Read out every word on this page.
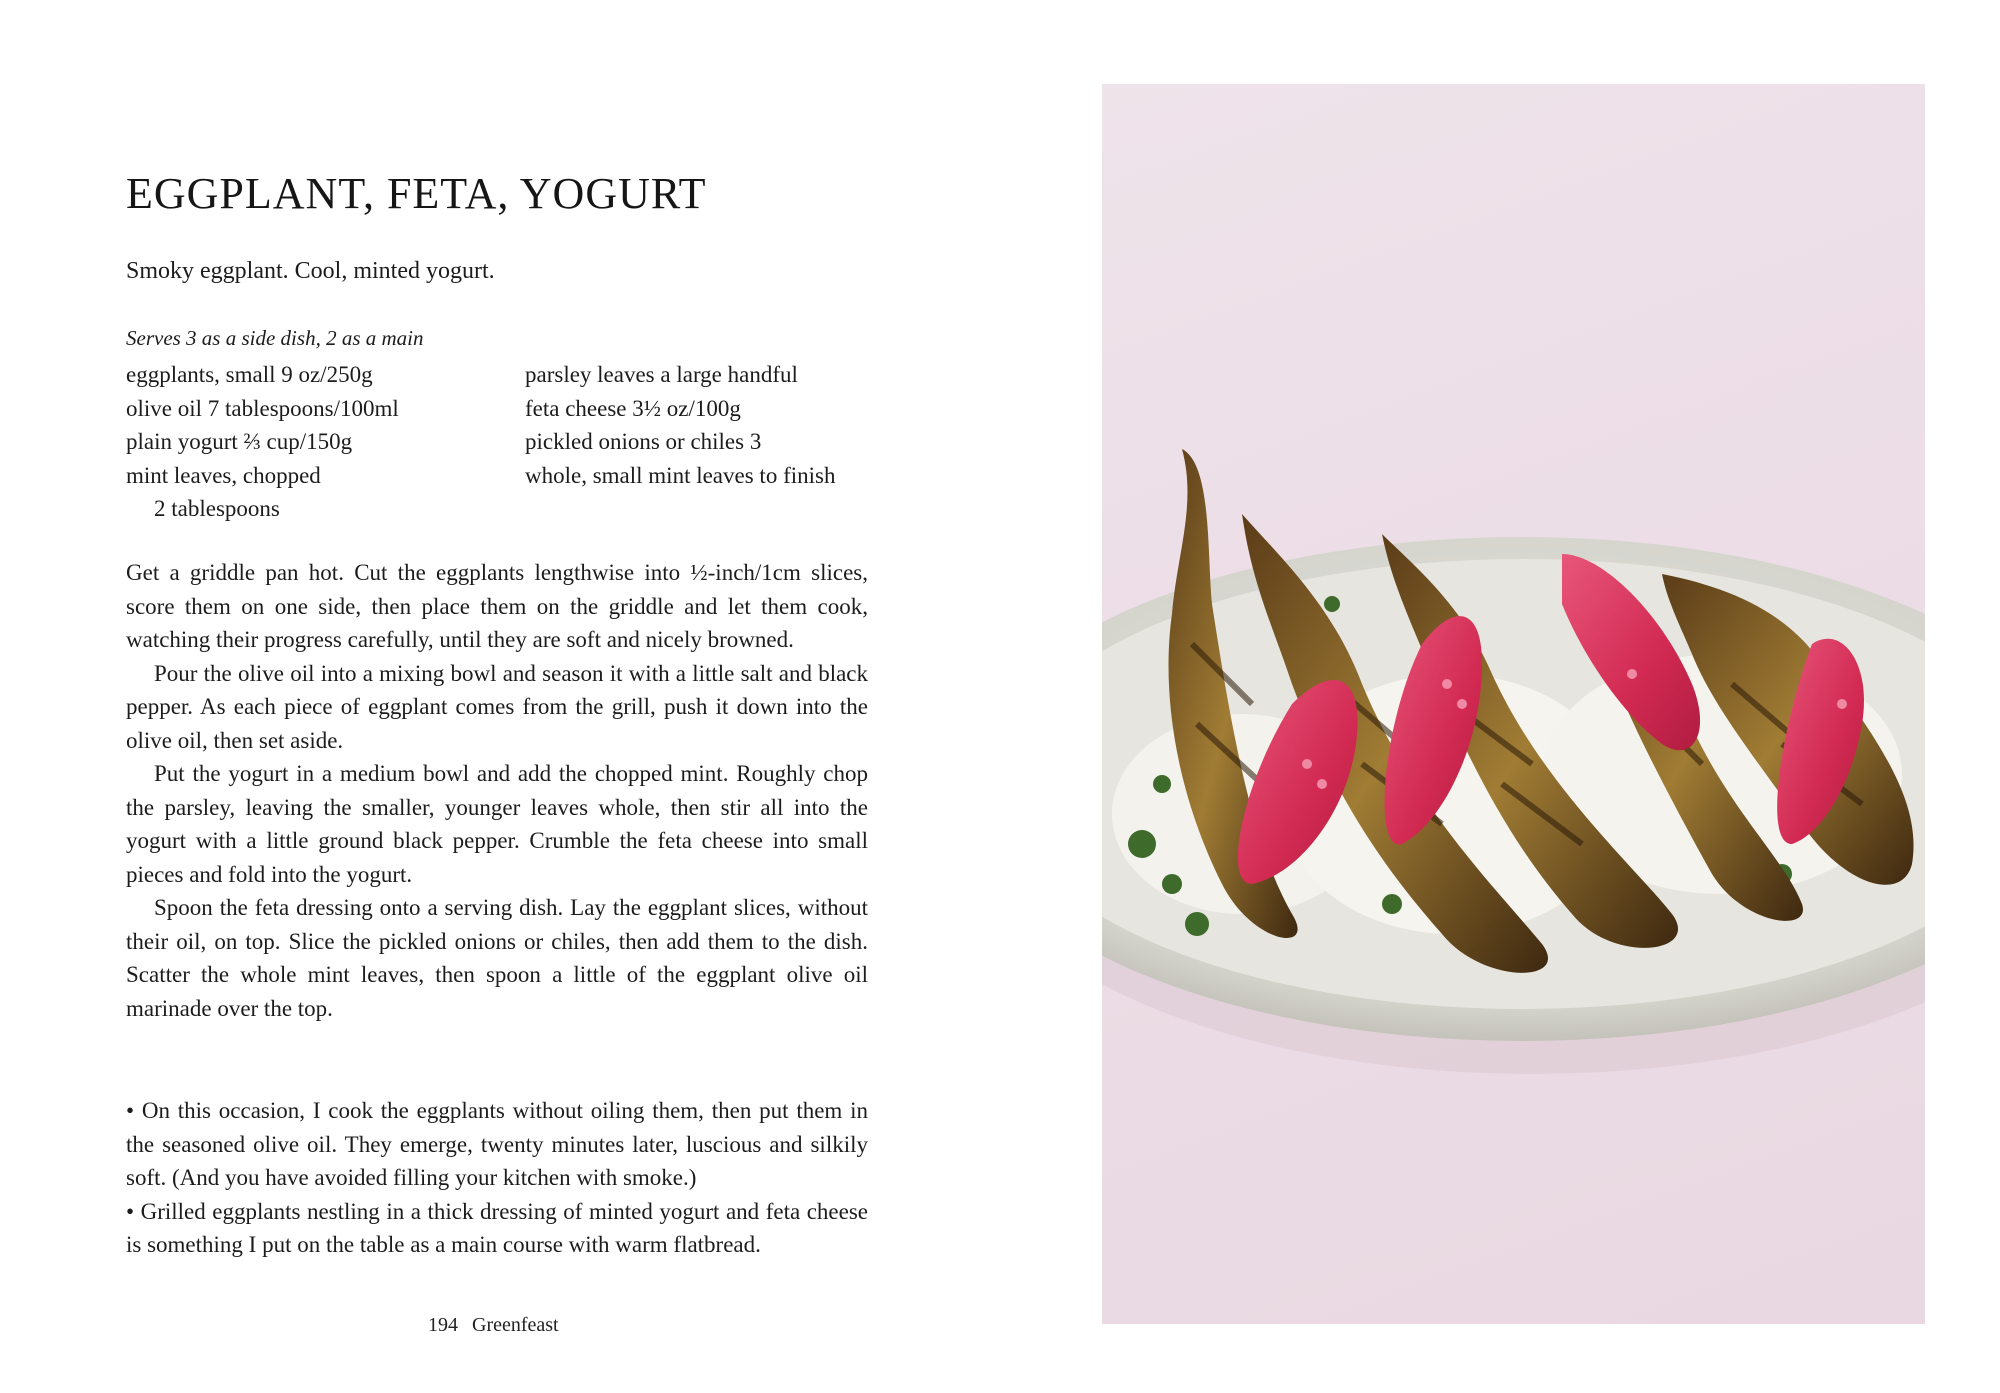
EGGPLANT, FETA, YOGURT

Smoky eggplant. Cool, minted yogurt.

Serves 3 as a side dish, 2 as a main
eggplants, small 9 oz/250g
olive oil 7 tablespoons/100ml
plain yogurt ⅔ cup/150g
mint leaves, chopped
2 tablespoons
parsley leaves a large handful
feta cheese 3½ oz/100g
pickled onions or chiles 3
whole, small mint leaves to finish

Get a griddle pan hot. Cut the eggplants lengthwise into ½-inch/1cm slices, score them on one side, then place them on the griddle and let them cook, watching their progress carefully, until they are soft and nicely browned.

Pour the olive oil into a mixing bowl and season it with a little salt and black pepper. As each piece of eggplant comes from the grill, push it down into the olive oil, then set aside.

Put the yogurt in a medium bowl and add the chopped mint. Roughly chop the parsley, leaving the smaller, younger leaves whole, then stir all into the yogurt with a little ground black pepper. Crumble the feta cheese into small pieces and fold into the yogurt.

Spoon the feta dressing onto a serving dish. Lay the eggplant slices, without their oil, on top. Slice the pickled onions or chiles, then add them to the dish. Scatter the whole mint leaves, then spoon a little of the eggplant olive oil marinade over the top.

• On this occasion, I cook the eggplants without oiling them, then put them in the seasoned olive oil. They emerge, twenty minutes later, luscious and silkily soft. (And you have avoided filling your kitchen with smoke.)

• Grilled eggplants nestling in a thick dressing of minted yogurt and feta cheese is something I put on the table as a main course with warm flatbread.

194 Greenfeast
